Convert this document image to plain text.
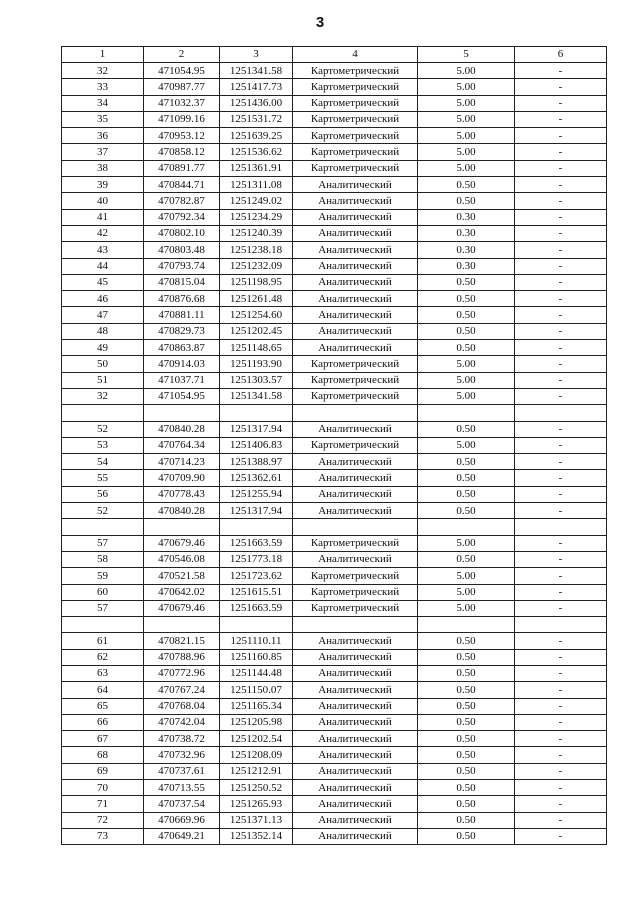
3
1	2	3	4	5	6
32	471054.95	1251341.58	Картометрический	5.00	-
33	470987.77	1251417.73	Картометрический	5.00	-
34	471032.37	1251436.00	Картометрический	5.00	-
35	471099.16	1251531.72	Картометрический	5.00	-
36	470953.12	1251639.25	Картометрический	5.00	-
37	470858.12	1251536.62	Картометрический	5.00	-
38	470891.77	1251361.91	Картометрический	5.00	-
39	470844.71	1251311.08	Аналитический	0.50	-
40	470782.87	1251249.02	Аналитический	0.50	-
41	470792.34	1251234.29	Аналитический	0.30	-
42	470802.10	1251240.39	Аналитический	0.30	-
43	470803.48	1251238.18	Аналитический	0.30	-
44	470793.74	1251232.09	Аналитический	0.30	-
45	470815.04	1251198.95	Аналитический	0.50	-
46	470876.68	1251261.48	Аналитический	0.50	-
47	470881.11	1251254.60	Аналитический	0.50	-
48	470829.73	1251202.45	Аналитический	0.50	-
49	470863.87	1251148.65	Аналитический	0.50	-
50	470914.03	1251193.90	Картометрический	5.00	-
51	471037.71	1251303.57	Картометрический	5.00	-
32	471054.95	1251341.58	Картометрический	5.00	-

52	470840.28	1251317.94	Аналитический	0.50	-
53	470764.34	1251406.83	Картометрический	5.00	-
54	470714.23	1251388.97	Аналитический	0.50	-
55	470709.90	1251362.61	Аналитический	0.50	-
56	470778.43	1251255.94	Аналитический	0.50	-
52	470840.28	1251317.94	Аналитический	0.50	-

57	470679.46	1251663.59	Картометрический	5.00	-
58	470546.08	1251773.18	Аналитический	0.50	-
59	470521.58	1251723.62	Картометрический	5.00	-
60	470642.02	1251615.51	Картометрический	5.00	-
57	470679.46	1251663.59	Картометрический	5.00	-

61	470821.15	1251110.11	Аналитический	0.50	-
62	470788.96	1251160.85	Аналитический	0.50	-
63	470772.96	1251144.48	Аналитический	0.50	-
64	470767.24	1251150.07	Аналитический	0.50	-
65	470768.04	1251165.34	Аналитический	0.50	-
66	470742.04	1251205.98	Аналитический	0.50	-
67	470738.72	1251202.54	Аналитический	0.50	-
68	470732.96	1251208.09	Аналитический	0.50	-
69	470737.61	1251212.91	Аналитический	0.50	-
70	470713.55	1251250.52	Аналитический	0.50	-
71	470737.54	1251265.93	Аналитический	0.50	-
72	470669.96	1251371.13	Аналитический	0.50	-
73	470649.21	1251352.14	Аналитический	0.50	-
